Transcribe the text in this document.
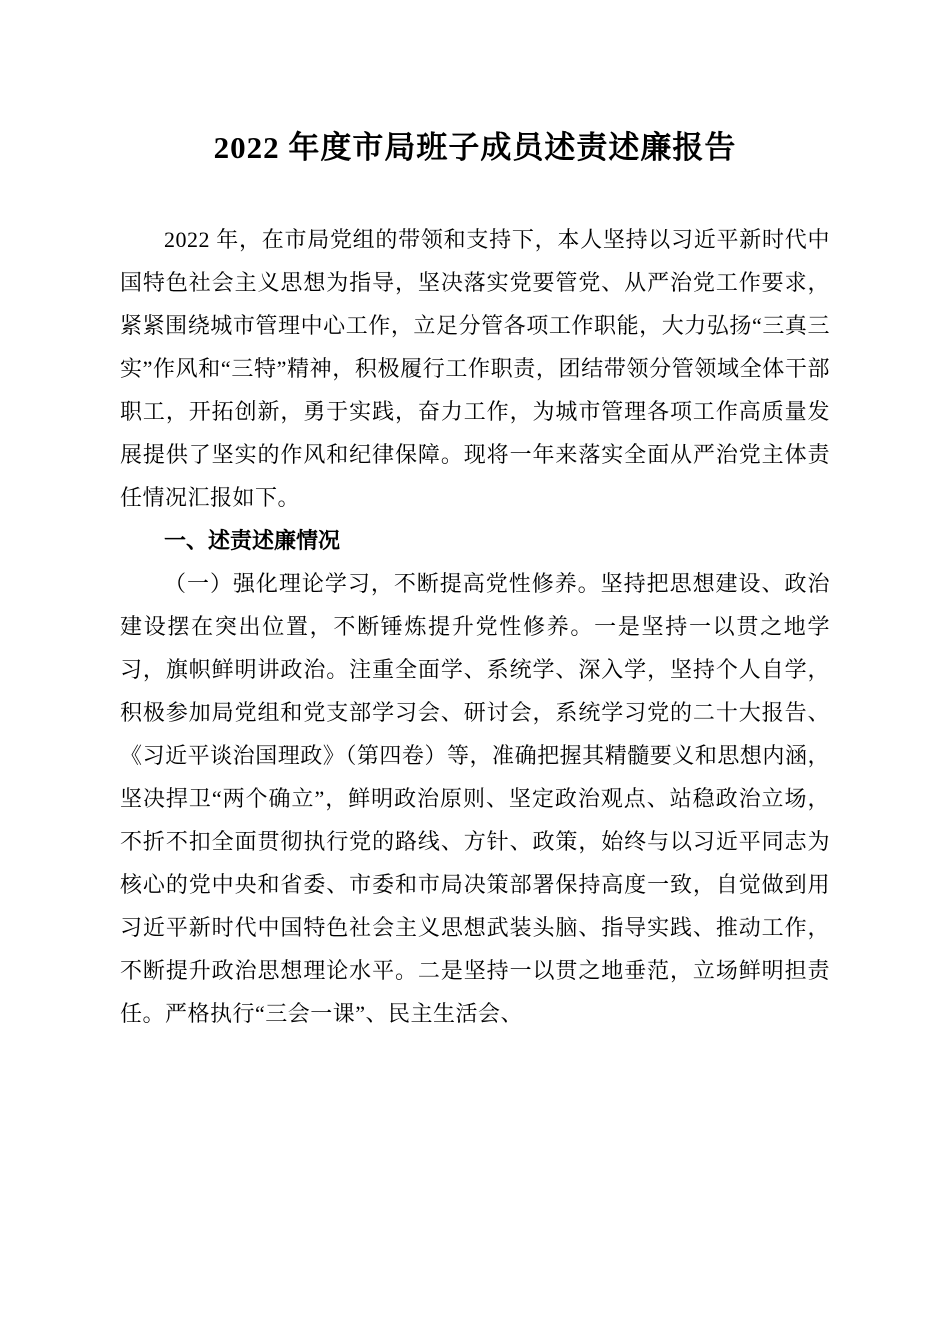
2022 年度市局班子成员述责述廉报告

2022 年，在市局党组的带领和支持下，本人坚持以习近平新时代中国特色社会主义思想为指导，坚决落实党要管党、从严治党工作要求，紧紧围绕城市管理中心工作，立足分管各项工作职能，大力弘扬“三真三实”作风和“三特”精神，积极履行工作职责，团结带领分管领域全体干部职工，开拓创新，勇于实践，奋力工作，为城市管理各项工作高质量发展提供了坚实的作风和纪律保障。现将一年来落实全面从严治党主体责任情况汇报如下。

一、述责述廉情况

（一）强化理论学习，不断提高党性修养。坚持把思想建设、政治建设摆在突出位置，不断锤炼提升党性修养。一是坚持一以贯之地学习，旗帜鲜明讲政治。注重全面学、系统学、深入学，坚持个人自学，积极参加局党组和党支部学习会、研讨会，系统学习党的二十大报告、《习近平谈治国理政》（第四卷）等，准确把握其精髓要义和思想内涵，坚决捍卫“两个确立”，鲜明政治原则、坚定政治观点、站稳政治立场，不折不扣全面贯彻执行党的路线、方针、政策，始终与以习近平同志为核心的党中央和省委、市委和市局决策部署保持高度一致，自觉做到用习近平新时代中国特色社会主义思想武装头脑、指导实践、推动工作，不断提升政治思想理论水平。二是坚持一以贯之地垂范，立场鲜明担责任。严格执行“三会一课”、民主生活会、
